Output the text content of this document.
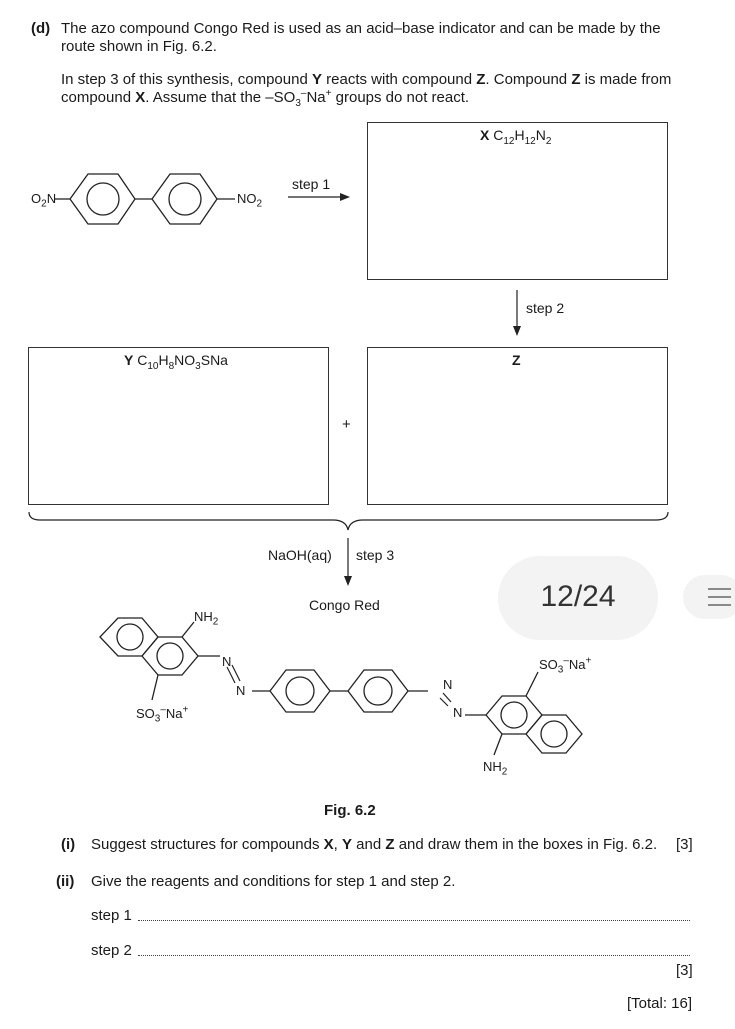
(d) The azo compound Congo Red is used as an acid–base indicator and can be made by the
route shown in Fig. 6.2.
In step 3 of this synthesis, compound Y reacts with compound Z. Compound Z is made from
compound X. Assume that the $-SO_3^-Na^+$ groups do not react.
$O_2N$	$NO_2$
step 1
X $C_{12}H_{12}N_2$
step 2
Y $C_{10}H_8NO_3SNa$
+
Z
NaOH(aq) step 3
Congo Red	12/24
$NH_2$
$SO_3^-Na^+$
N
N	N
N
$SO_3^-Na^+$
$NH_2$
Fig. 6.2
(i) Suggest structures for compounds X, Y and Z and draw them in the boxes in Fig. 6.2. [3]
(ii) Give the reagents and conditions for step 1 and step 2.
step 1
step 2
[3]
[Total: 16]
